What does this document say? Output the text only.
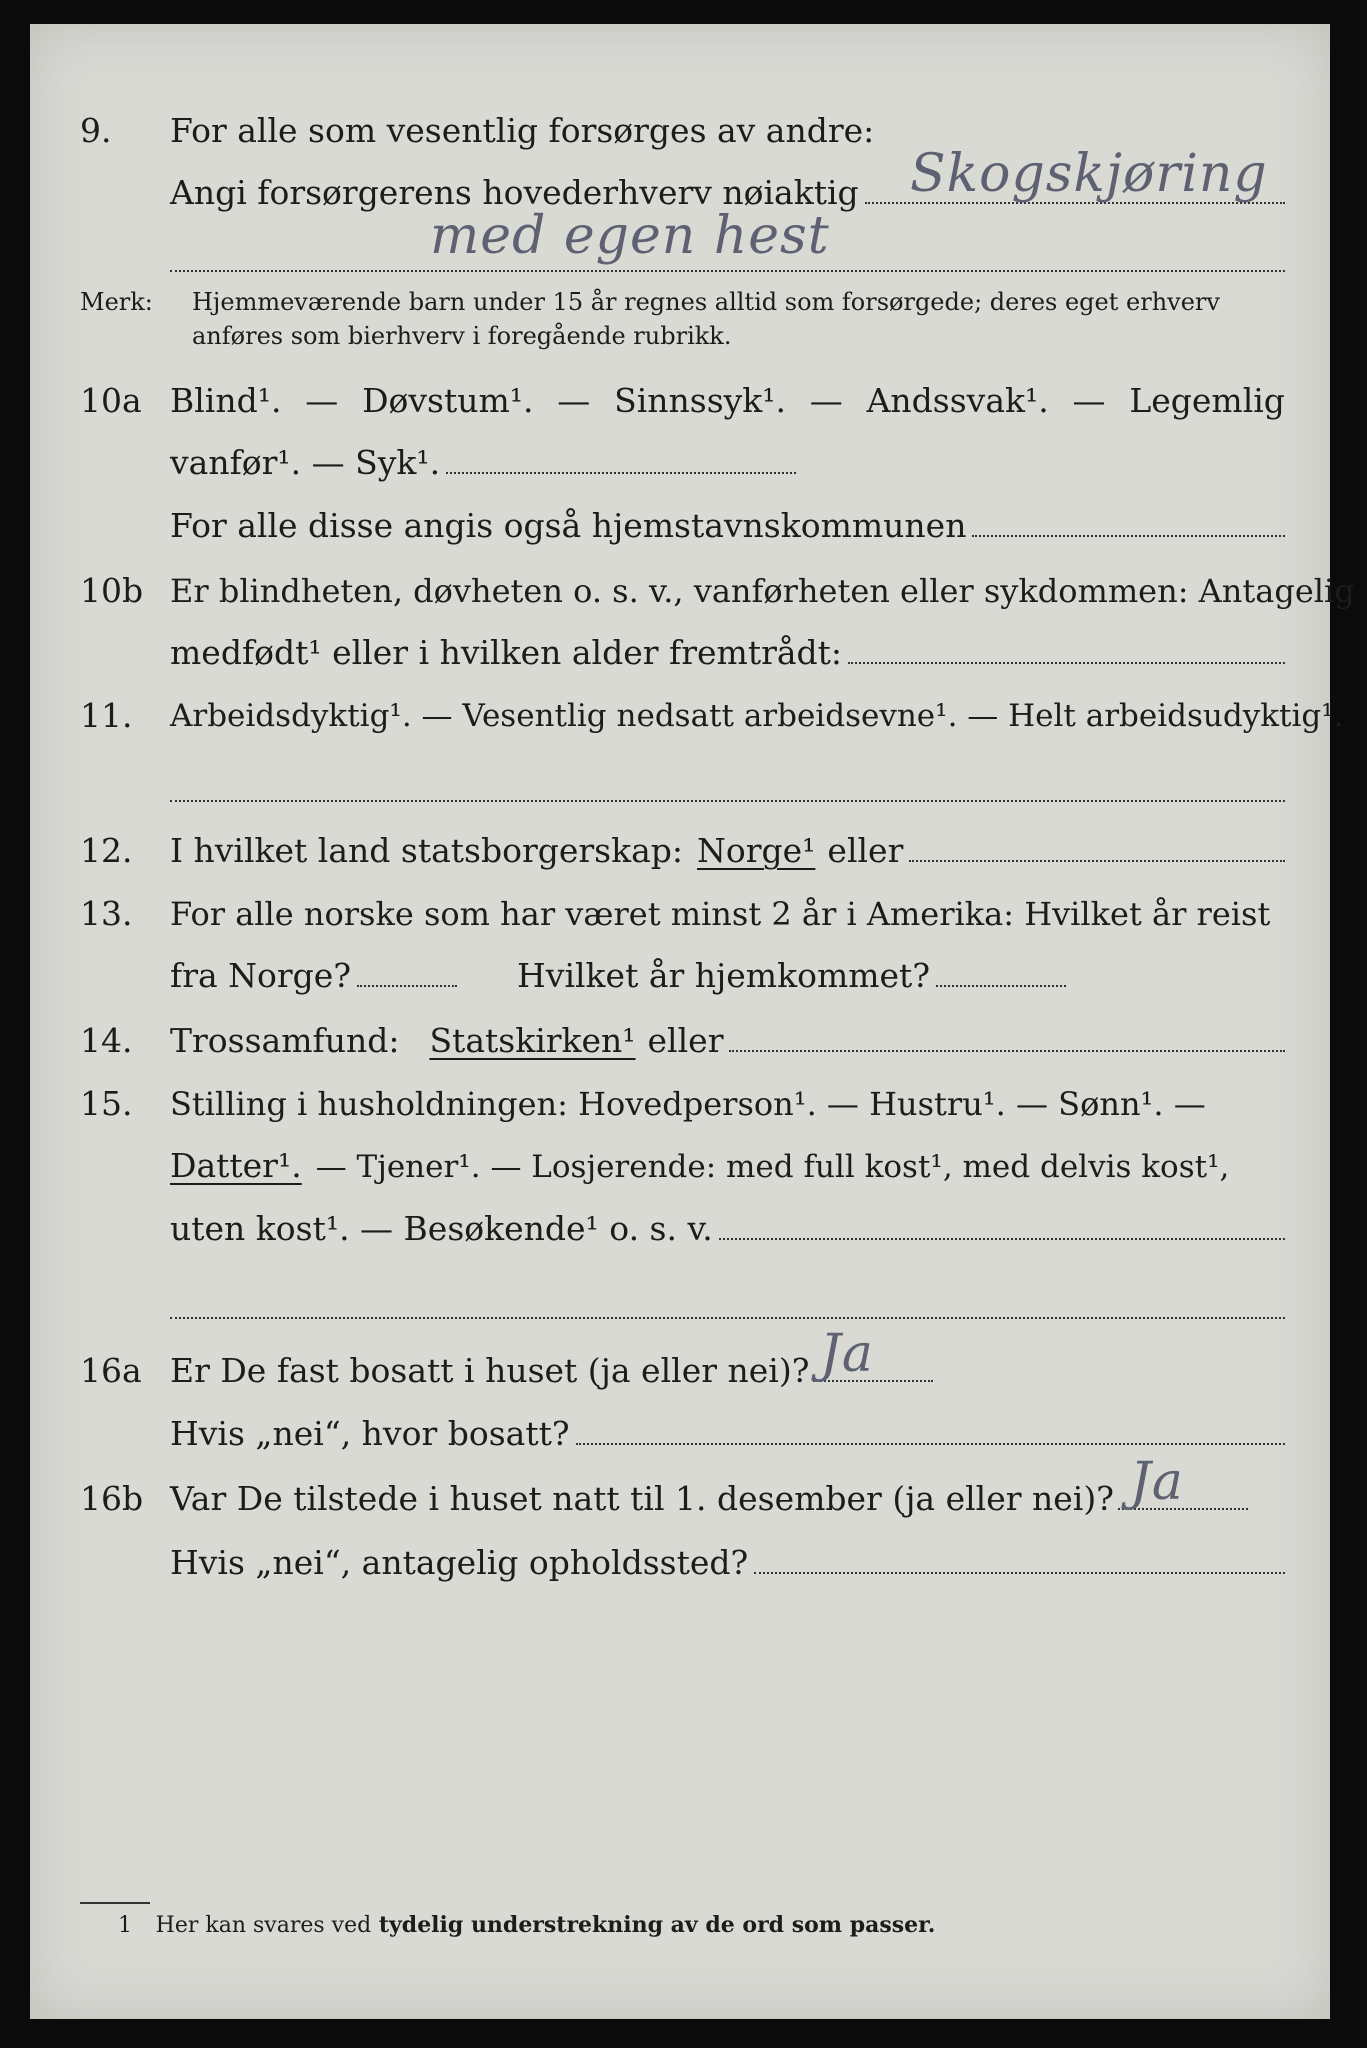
9. For alle som vesentlig forsørges av andre:
Angi forsørgerens hovederhverv nøiaktig Skogskjøring
med egen hest
Merk: Hjemmeværende barn under 15 år regnes alltid som forsørgede; deres eget erhverv
anføres som bierhverv i foregående rubrikk.
10a Blind¹. — Døvstum¹. — Sinnssyk¹. — Andssvak¹. — Legemlig
vanfør¹. — Syk¹.
For alle disse angis også hjemstavnskommunen
10b Er blindheten, døvheten o. s. v., vanførheten eller sykdommen: Antagelig
medfødt¹ eller i hvilken alder fremtrådt:
11. Arbeidsdyktig¹. — Vesentlig nedsatt arbeidsevne¹. — Helt arbeidsudyktig¹.
12. I hvilket land statsborgerskap: Norge¹ eller
13. For alle norske som har været minst 2 år i Amerika: Hvilket år reist
fra Norge?	Hvilket år hjemkommet?
14. Trossamfund: Statskirken¹ eller
15. Stilling i husholdningen: Hovedperson¹. — Hustru¹. — Sønn¹. —
Datter¹. — Tjener¹. — Losjerende: med full kost¹, med delvis kost¹,
uten kost¹. — Besøkende¹ o. s. v.
16a Er De fast bosatt i huset (ja eller nei)? Ja
Hvis „nei“, hvor bosatt?
16b Var De tilstede i huset natt til 1. desember (ja eller nei)? Ja
Hvis „nei“, antagelig opholdssted?
1 Her kan svares ved tydelig understrekning av de ord som passer.
